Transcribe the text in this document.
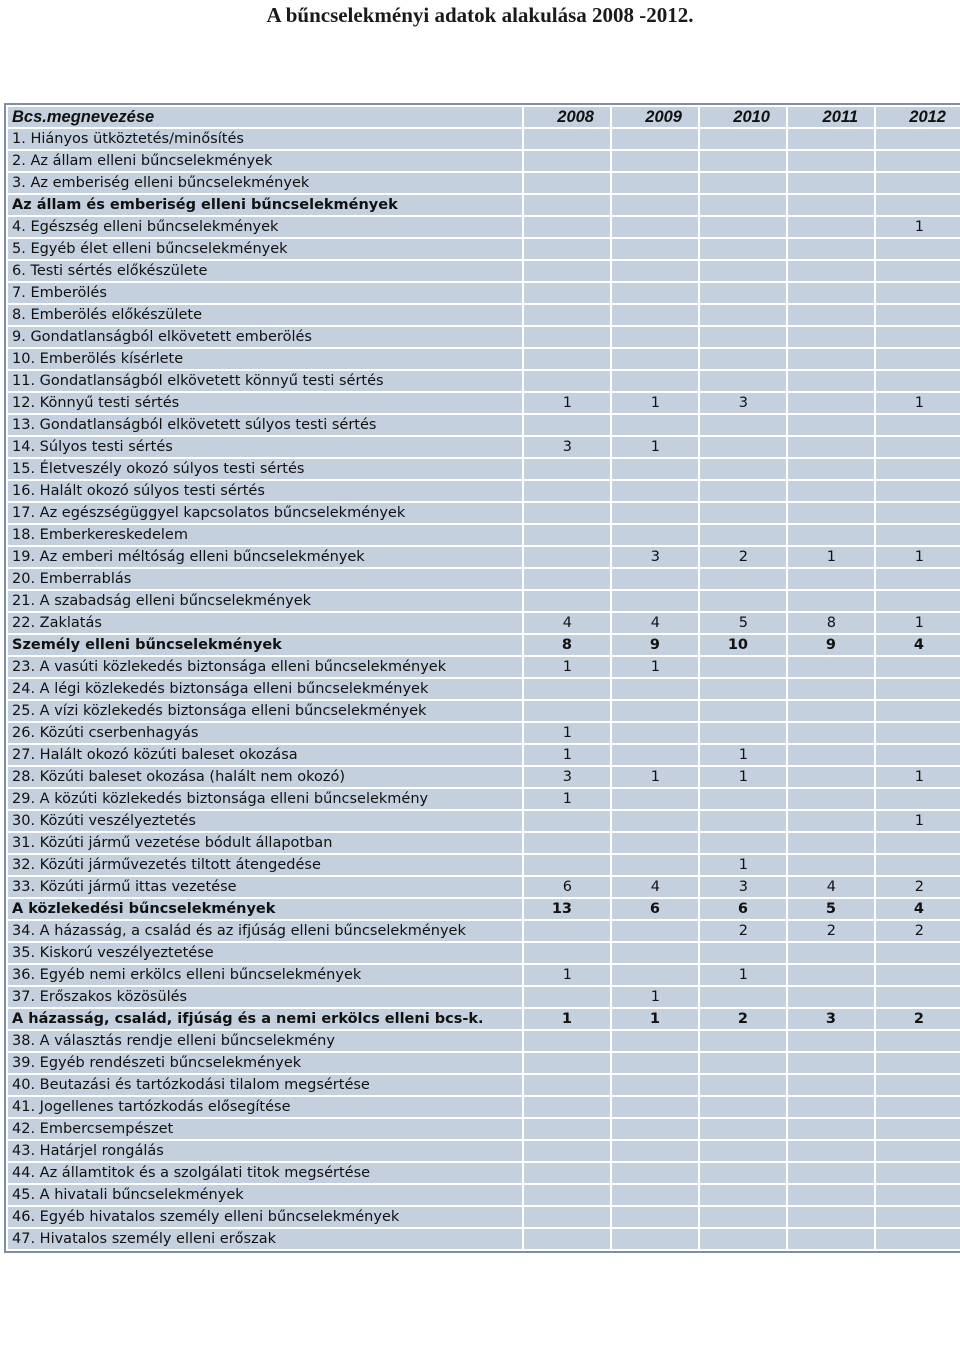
A bűncselekményi adatok alakulása 2008 -2012.
Bcs.megnevezése	2008	2009	2010	2011	2012
1. Hiányos ütköztetés/minősítés					
2. Az állam elleni bűncselekmények					
3. Az emberiség elleni bűncselekmények					
Az állam és emberiség elleni bűncselekmények					
4. Egészség elleni bűncselekmények					1
5. Egyéb élet elleni bűncselekmények					
6. Testi sértés előkészülete					
7. Emberölés					
8. Emberölés előkészülete					
9. Gondatlanságból elkövetett emberölés					
10. Emberölés kísérlete					
11. Gondatlanságból elkövetett könnyű testi sértés					
12. Könnyű testi sértés	1	1	3		1
13. Gondatlanságból elkövetett súlyos testi sértés					
14. Súlyos testi sértés	3	1			
15. Életveszély okozó súlyos testi sértés					
16. Halált okozó súlyos testi sértés					
17. Az egészségüggyel kapcsolatos bűncselekmények					
18. Emberkereskedelem					
19. Az emberi méltóság elleni bűncselekmények		3	2	1	1
20. Emberrablás					
21. A szabadság elleni bűncselekmények					
22. Zaklatás	4	4	5	8	1
Személy elleni bűncselekmények	8	9	10	9	4
23. A vasúti közlekedés biztonsága elleni bűncselekmények	1	1			
24. A légi közlekedés biztonsága elleni bűncselekmények					
25. A vízi közlekedés biztonsága elleni bűncselekmények					
26. Közúti cserbenhagyás	1				
27. Halált okozó közúti baleset okozása	1		1		
28. Közúti baleset okozása (halált nem okozó)	3	1	1		1
29. A közúti közlekedés biztonsága elleni bűncselekmény	1				
30. Közúti veszélyeztetés					1
31. Közúti jármű vezetése bódult állapotban					
32. Közúti járművezetés tiltott átengedése			1		
33. Közúti jármű ittas vezetése	6	4	3	4	2
A közlekedési bűncselekmények	13	6	6	5	4
34. A házasság, a család és az ifjúság elleni bűncselekmények			2	2	2
35. Kiskorú veszélyeztetése					
36. Egyéb nemi erkölcs elleni bűncselekmények	1		1		
37. Erőszakos közösülés		1			
A házasság, család, ifjúság és a nemi erkölcs elleni bcs-k.	1	1	2	3	2
38. A választás rendje elleni bűncselekmény					
39. Egyéb rendészeti bűncselekmények					
40. Beutazási és tartózkodási tilalom megsértése					
41. Jogellenes tartózkodás elősegítése					
42. Embercsempészet					
43. Határjel rongálás					
44. Az államtitok és a szolgálati titok megsértése					
45. A hivatali bűncselekmények					
46. Egyéb hivatalos személy elleni bűncselekmények					
47. Hivatalos személy elleni erőszak					
